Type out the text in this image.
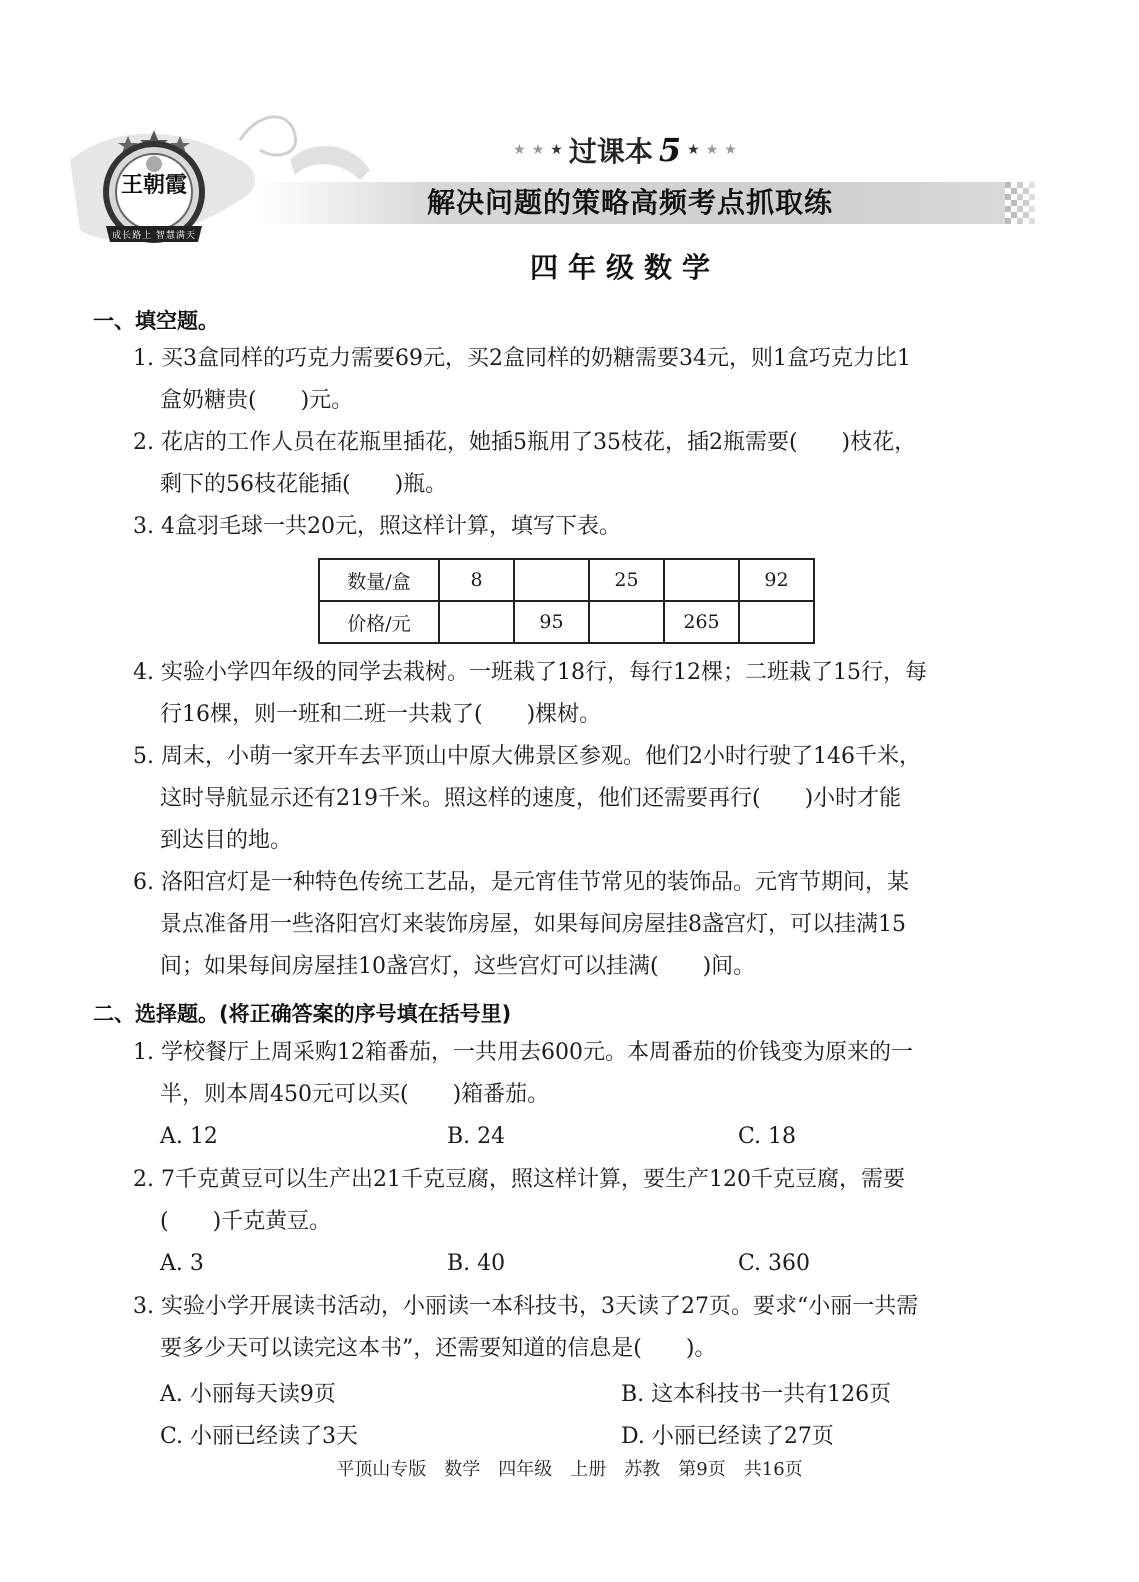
王朝霞
成长路上 智慧满天
★ ★ ★ 过课本 5 ★ ★ ★
解决问题的策略高频考点抓取练
四年级数学
一、填空题。
1. 买3盒同样的巧克力需要69元，买2盒同样的奶糖需要34元，则1盒巧克力比1
盒奶糖贵(　　)元。
2. 花店的工作人员在花瓶里插花，她插5瓶用了35枝花，插2瓶需要(　　)枝花，
剩下的56枝花能插(　　)瓶。
3. 4盒羽毛球一共20元，照这样计算，填写下表。
数量/盒	8		25		92
价格/元		95		265	
4. 实验小学四年级的同学去栽树。一班栽了18行，每行12棵；二班栽了15行，每
行16棵，则一班和二班一共栽了(　　)棵树。
5. 周末，小萌一家开车去平顶山中原大佛景区参观。他们2小时行驶了146千米，
这时导航显示还有219千米。照这样的速度，他们还需要再行(　　)小时才能
到达目的地。
6. 洛阳宫灯是一种特色传统工艺品，是元宵佳节常见的装饰品。元宵节期间，某
景点准备用一些洛阳宫灯来装饰房屋，如果每间房屋挂8盏宫灯，可以挂满15
间；如果每间房屋挂10盏宫灯，这些宫灯可以挂满(　　)间。
二、选择题。(将正确答案的序号填在括号里)
1. 学校餐厅上周采购12箱番茄，一共用去600元。本周番茄的价钱变为原来的一
半，则本周450元可以买(　　)箱番茄。
A. 12	B. 24	C. 18
2. 7千克黄豆可以生产出21千克豆腐，照这样计算，要生产120千克豆腐，需要
(　　)千克黄豆。
A. 3	B. 40	C. 360
3. 实验小学开展读书活动，小丽读一本科技书，3天读了27页。要求“小丽一共需
要多少天可以读完这本书”，还需要知道的信息是(　　)。
A. 小丽每天读9页	B. 这本科技书一共有126页
C. 小丽已经读了3天	D. 小丽已经读了27页
平顶山专版　数学　四年级　上册　苏教　第9页　共16页
